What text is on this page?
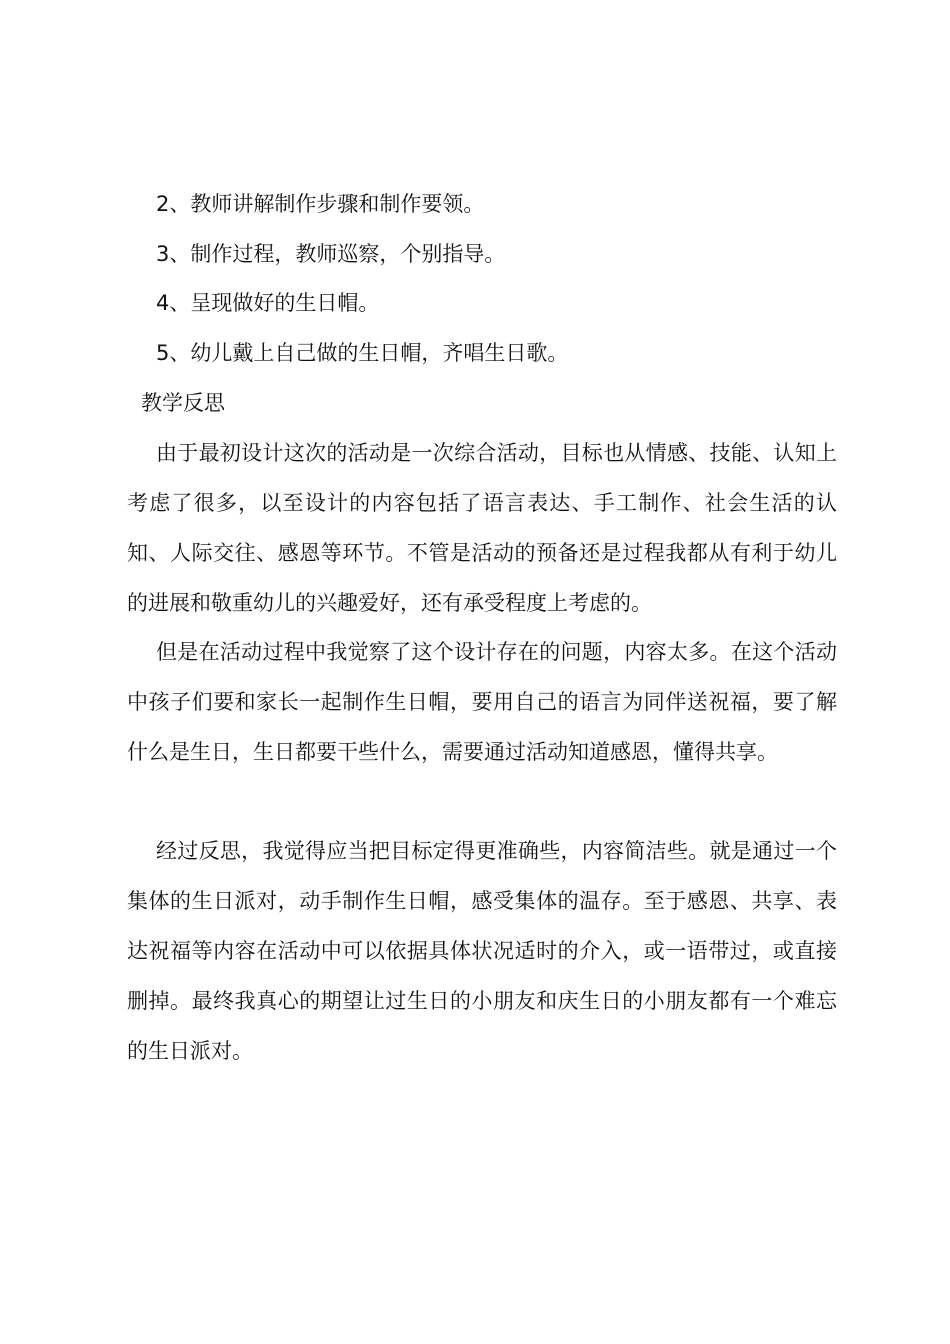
2、教师讲解制作步骤和制作要领。
3、制作过程，教师巡察，个别指导。
4、呈现做好的生日帽。
5、幼儿戴上自己做的生日帽，齐唱生日歌。
教学反思

由于最初设计这次的活动是一次综合活动，目标也从情感、技能、认知上考虑了很多，以至设计的内容包括了语言表达、手工制作、社会生活的认知、人际交往、感恩等环节。不管是活动的预备还是过程我都从有利于幼儿的进展和敬重幼儿的兴趣爱好，还有承受程度上考虑的。

但是在活动过程中我觉察了这个设计存在的问题，内容太多。在这个活动中孩子们要和家长一起制作生日帽，要用自己的语言为同伴送祝福，要了解什么是生日，生日都要干些什么，需要通过活动知道感恩，懂得共享。

经过反思，我觉得应当把目标定得更准确些，内容简洁些。就是通过一个集体的生日派对，动手制作生日帽，感受集体的温存。至于感恩、共享、表达祝福等内容在活动中可以依据具体状况适时的介入，或一语带过，或直接删掉。最终我真心的期望让过生日的小朋友和庆生日的小朋友都有一个难忘的生日派对。
